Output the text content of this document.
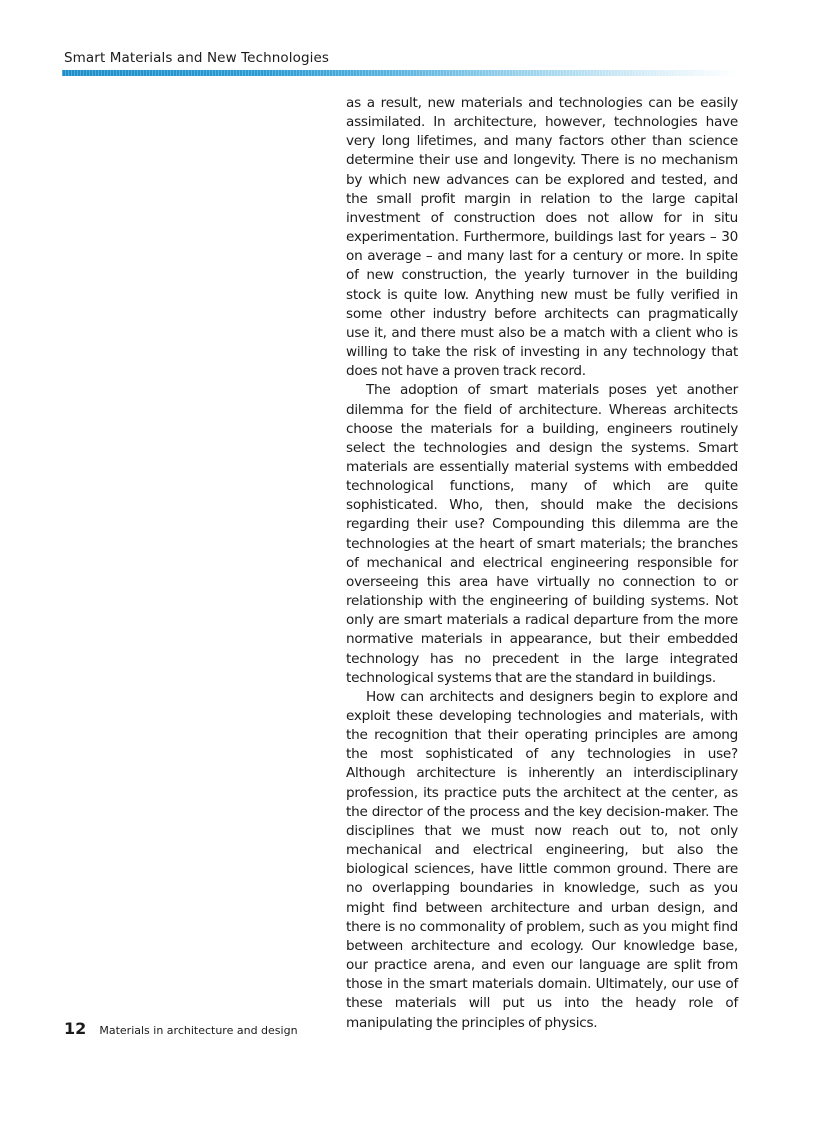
Smart Materials and New Technologies

as a result, new materials and technologies can be easily assimilated. In architecture, however, technologies have very long lifetimes, and many factors other than science determine their use and longevity. There is no mechanism by which new advances can be explored and tested, and the small profit margin in relation to the large capital investment of construction does not allow for in situ experimentation. Furthermore, buildings last for years – 30 on average – and many last for a century or more. In spite of new construction, the yearly turnover in the building stock is quite low. Anything new must be fully verified in some other industry before architects can pragmatically use it, and there must also be a match with a client who is willing to take the risk of investing in any technology that does not have a proven track record.

The adoption of smart materials poses yet another dilemma for the field of architecture. Whereas architects choose the materials for a building, engineers routinely select the technologies and design the systems. Smart materials are essentially material systems with embedded technological functions, many of which are quite sophisticated. Who, then, should make the decisions regarding their use? Compounding this dilemma are the technologies at the heart of smart materials; the branches of mechanical and electrical engineering responsible for overseeing this area have virtually no connection to or relationship with the engineering of building systems. Not only are smart materials a radical departure from the more normative materials in appearance, but their embedded technology has no precedent in the large integrated technological systems that are the standard in buildings.

How can architects and designers begin to explore and exploit these developing technologies and materials, with the recognition that their operating principles are among the most sophisticated of any technologies in use? Although architecture is inherently an interdisciplinary profession, its practice puts the architect at the center, as the director of the process and the key decision-maker. The disciplines that we must now reach out to, not only mechanical and electrical engineering, but also the biological sciences, have little common ground. There are no overlapping boundaries in knowledge, such as you might find between architecture and urban design, and there is no commonality of problem, such as you might find between architecture and ecology. Our knowledge base, our practice arena, and even our language are split from those in the smart materials domain. Ultimately, our use of these materials will put us into the heady role of manipulating the principles of physics.

12 Materials in architecture and design
